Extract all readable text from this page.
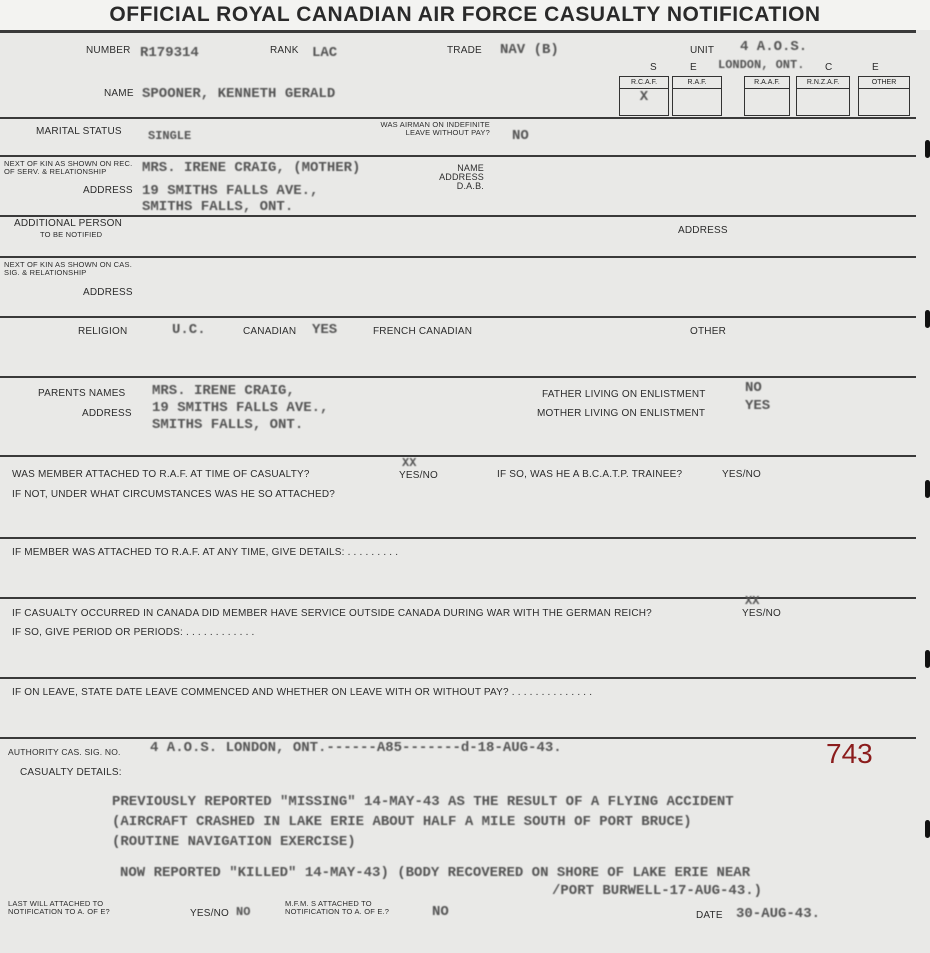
OFFICIAL ROYAL CANADIAN AIR FORCE CASUALTY NOTIFICATION
NUMBER R179314	RANK LAC	TRADE NAV (B)	UNIT 4 A.O.S.
LONDON, ONT.
S	E	C	E
R.C.A.F.
X
R.A.F.	R.A.A.F.	R.N.Z.A.F.	OTHER
NAME SPOONER, KENNETH GERALD
MARITAL STATUS SINGLE
WAS AIRMAN ON INDEFINITE LEAVE WITHOUT PAY? NO
NEXT OF KIN AS SHOWN ON REC. OF SERV. & RELATIONSHIP	MRS. IRENE CRAIG, (MOTHER)
ADDRESS 19 SMITHS FALLS AVE.,
SMITHS FALLS, ONT.
NAME ADDRESS D.A.B.
ADDITIONAL PERSON
TO BE NOTIFIED	ADDRESS
NEXT OF KIN AS SHOWN ON CAS. SIG. & RELATIONSHIP
ADDRESS
RELIGION	U.C.	CANADIAN YES	FRENCH CANADIAN	OTHER
PARENTS NAMES MRS. IRENE CRAIG,
ADDRESS 19 SMITHS FALLS AVE.,
SMITHS FALLS, ONT.
FATHER LIVING ON ENLISTMENT	NO
MOTHER LIVING ON ENLISTMENT	YES
WAS MEMBER ATTACHED TO R.A.F. AT TIME OF CASUALTY?
XX
YES/NO	IF SO, WAS HE A B.C.A.T.P. TRAINEE?	YES/NO
IF NOT, UNDER WHAT CIRCUMSTANCES WAS HE SO ATTACHED?
IF MEMBER WAS ATTACHED TO R.A.F. AT ANY TIME, GIVE DETAILS: . . . . . . . . .
IF CASUALTY OCCURRED IN CANADA DID MEMBER HAVE SERVICE OUTSIDE CANADA DURING WAR WITH THE GERMAN REICH?
XX
YES/NO
IF SO, GIVE PERIOD OR PERIODS: . . . . . . . . . . . .
IF ON LEAVE, STATE DATE LEAVE COMMENCED AND WHETHER ON LEAVE WITH OR WITHOUT PAY? . . . . . . . . . . . . . .
AUTHORITY CAS. SIG. NO. 4 A.O.S. LONDON, ONT.------A85-------d-18-AUG-43.	743
CASUALTY DETAILS:
PREVIOUSLY REPORTED "MISSING" 14-MAY-43 AS THE RESULT OF A FLYING ACCIDENT
(AIRCRAFT CRASHED IN LAKE ERIE ABOUT HALF A MILE SOUTH OF PORT BRUCE)
(ROUTINE NAVIGATION EXERCISE)
NOW REPORTED "KILLED" 14-MAY-43) (BODY RECOVERED ON SHORE OF LAKE ERIE NEAR
/PORT BURWELL-17-AUG-43.)
LAST WILL ATTACHED TO NOTIFICATION TO A. OF E?	YES/NO NO
M.F.M. S ATTACHED TO NOTIFICATION TO A. OF E.?	NO	DATE 30-AUG-43.
